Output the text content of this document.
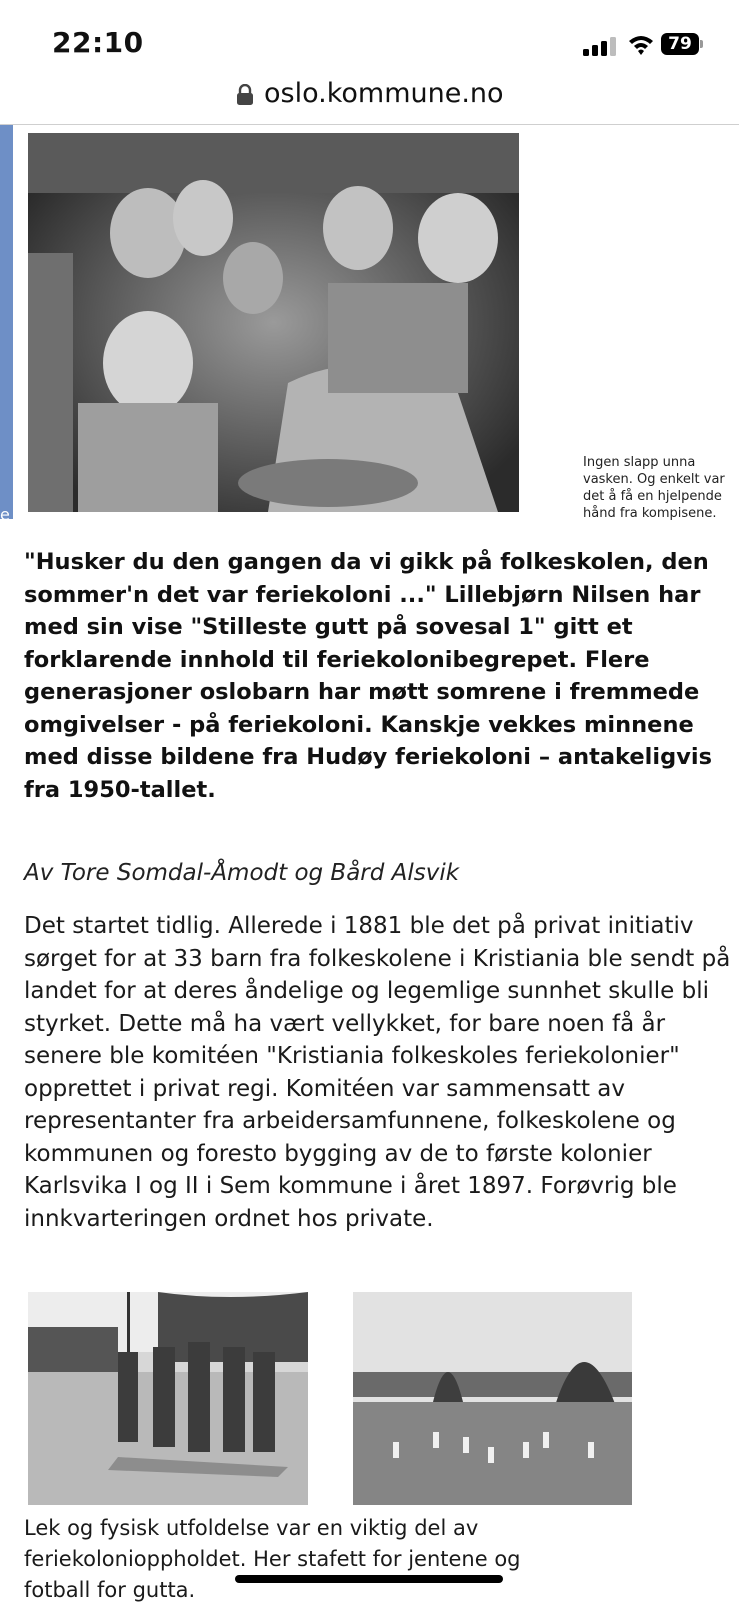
22:10	79
oslo.kommune.no
e
Ingen slapp unna vasken. Og enkelt var det å få en hjelpende hånd fra kompisene.
"Husker du den gangen da vi gikk på folkeskolen, den sommer'n det var feriekoloni ..." Lillebjørn Nilsen har med sin vise "Stilleste gutt på sovesal 1" gitt et forklarende innhold til feriekolonibegrepet. Flere generasjoner oslobarn har møtt somrene i fremmede omgivelser - på feriekoloni. Kanskje vekkes minnene med disse bildene fra Hudøy feriekoloni – antakeligvis fra 1950-tallet.
Av Tore Somdal-Åmodt og Bård Alsvik
Det startet tidlig. Allerede i 1881 ble det på privat initiativ sørget for at 33 barn fra folkeskolene i Kristiania ble sendt på landet for at deres åndelige og legemlige sunnhet skulle bli styrket. Dette må ha vært vellykket, for bare noen få år senere ble komitéen "Kristiania folkeskoles feriekolonier" opprettet i privat regi. Komitéen var sammensatt av representanter fra arbeidersamfunnene, folkeskolene og kommunen og foresto bygging av de to første kolonier Karlsvika I og II i Sem kommune i året 1897. Forøvrig ble innkvarteringen ordnet hos private.
Lek og fysisk utfoldelse var en viktig del av feriekolonioppholdet. Her stafett for jentene og fotball for gutta.
